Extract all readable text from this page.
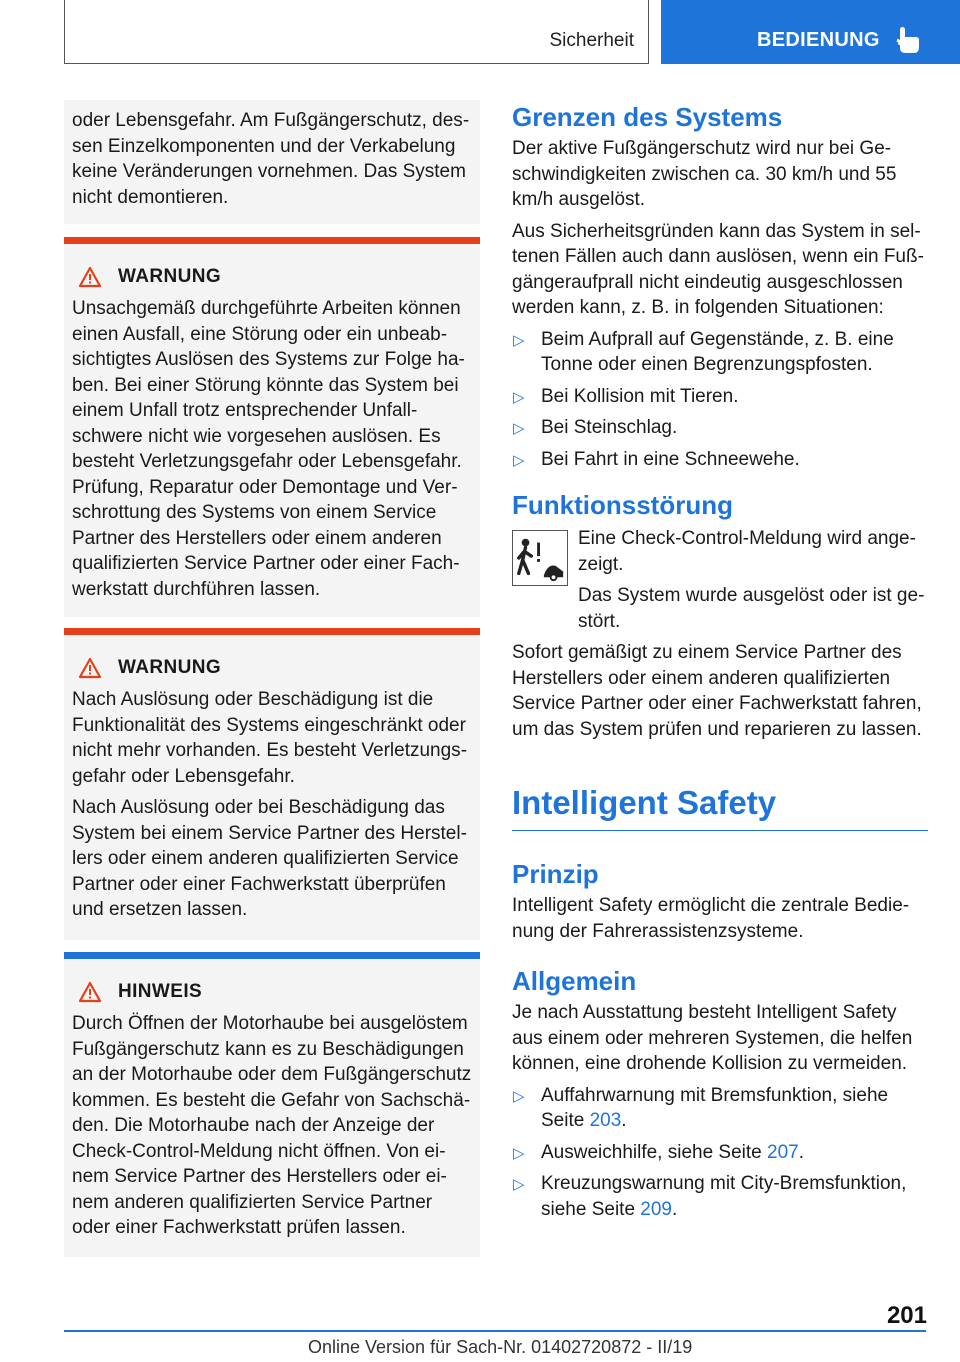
Sicherheit	BEDIENUNG

oder Lebensgefahr. Am Fußgängerschutz, dessen Einzelkomponenten und der Verkabelung keine Veränderungen vornehmen. Das System nicht demontieren.

WARNUNG

Unsachgemäß durchgeführte Arbeiten können einen Ausfall, eine Störung oder ein unbeabsichtigtes Auslösen des Systems zur Folge haben. Bei einer Störung könnte das System bei einem Unfall trotz entsprechender Unfallschwere nicht wie vorgesehen auslösen. Es besteht Verletzungsgefahr oder Lebensgefahr. Prüfung, Reparatur oder Demontage und Verschrottung des Systems von einem Service Partner des Herstellers oder einem anderen qualifizierten Service Partner oder einer Fachwerkstatt durchführen lassen.

WARNUNG

Nach Auslösung oder Beschädigung ist die Funktionalität des Systems eingeschränkt oder nicht mehr vorhanden. Es besteht Verletzungsgefahr oder Lebensgefahr.

Nach Auslösung oder bei Beschädigung das System bei einem Service Partner des Herstellers oder einem anderen qualifizierten Service Partner oder einer Fachwerkstatt überprüfen und ersetzen lassen.

HINWEIS

Durch Öffnen der Motorhaube bei ausgelöstem Fußgängerschutz kann es zu Beschädigungen an der Motorhaube oder dem Fußgängerschutz kommen. Es besteht die Gefahr von Sachschäden. Die Motorhaube nach der Anzeige der Check-Control-Meldung nicht öffnen. Von einem Service Partner des Herstellers oder einem anderen qualifizierten Service Partner oder einer Fachwerkstatt prüfen lassen.

Grenzen des Systems

Der aktive Fußgängerschutz wird nur bei Geschwindigkeiten zwischen ca. 30 km/h und 55 km/h ausgelöst.

Aus Sicherheitsgründen kann das System in seltenen Fällen auch dann auslösen, wenn ein Fußgängeraufprall nicht eindeutig ausgeschlossen werden kann, z. B. in folgenden Situationen:

▷ Beim Aufprall auf Gegenstände, z. B. eine Tonne oder einen Begrenzungspfosten.
▷ Bei Kollision mit Tieren.
▷ Bei Steinschlag.
▷ Bei Fahrt in eine Schneewehe.
Funktionsstörung

Eine Check-Control-Meldung wird angezeigt.

Das System wurde ausgelöst oder ist gestört.

Sofort gemäßigt zu einem Service Partner des Herstellers oder einem anderen qualifizierten Service Partner oder einer Fachwerkstatt fahren, um das System prüfen und reparieren zu lassen.

Intelligent Safety
Prinzip

Intelligent Safety ermöglicht die zentrale Bedienung der Fahrerassistenzsysteme.

Allgemein

Je nach Ausstattung besteht Intelligent Safety aus einem oder mehreren Systemen, die helfen können, eine drohende Kollision zu vermeiden.

▷ Auffahrwarnung mit Bremsfunktion, siehe Seite 203.
▷ Ausweichhilfe, siehe Seite 207.
▷ Kreuzungswarnung mit City-Bremsfunktion, siehe Seite 209.
201
Online Version für Sach-Nr. 01402720872 - II/19
